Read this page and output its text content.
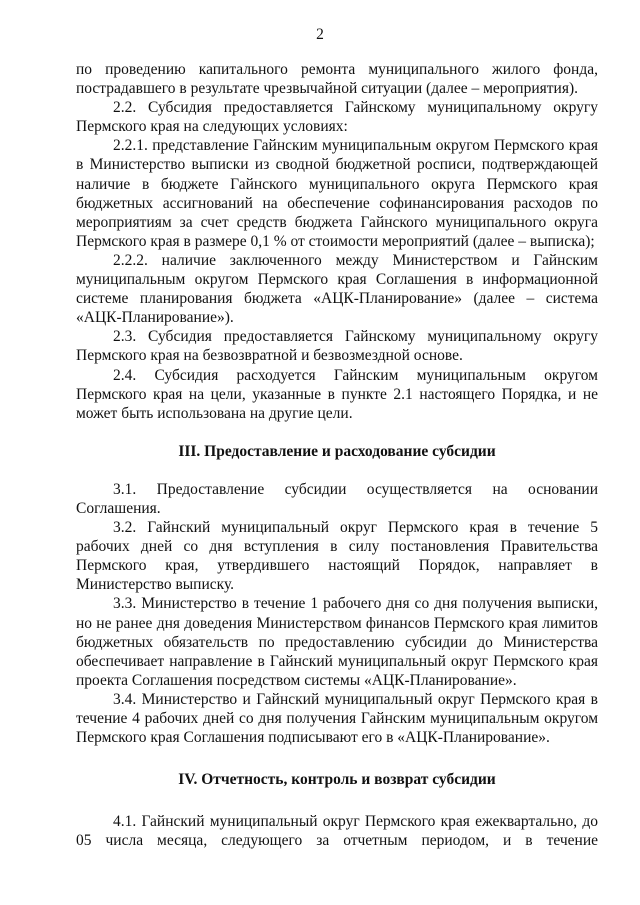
2

по проведению капитального ремонта муниципального жилого фонда, пострадавшего в результате чрезвычайной ситуации (далее – мероприятия).

2.2. Субсидия предоставляется Гайнскому муниципальному округу Пермского края на следующих условиях:

2.2.1. представление Гайнским муниципальным округом Пермского края в Министерство выписки из сводной бюджетной росписи, подтверждающей наличие в бюджете Гайнского муниципального округа Пермского края бюджетных ассигнований на обеспечение софинансирования расходов по мероприятиям за счет средств бюджета Гайнского муниципального округа Пермского края в размере 0,1 % от стоимости мероприятий (далее – выписка);

2.2.2. наличие заключенного между Министерством и Гайнским муниципальным округом Пермского края Соглашения в информационной системе планирования бюджета «АЦК-Планирование» (далее – система «АЦК-Планирование»).

2.3. Субсидия предоставляется Гайнскому муниципальному округу Пермского края на безвозвратной и безвозмездной основе.

2.4. Субсидия расходуется Гайнским муниципальным округом Пермского края на цели, указанные в пункте 2.1 настоящего Порядка, и не может быть использована на другие цели.

III. Предоставление и расходование субсидии

3.1. Предоставление субсидии осуществляется на основании Соглашения.

3.2. Гайнский муниципальный округ Пермского края в течение 5 рабочих дней со дня вступления в силу постановления Правительства Пермского края, утвердившего настоящий Порядок, направляет в Министерство выписку.

3.3. Министерство в течение 1 рабочего дня со дня получения выписки, но не ранее дня доведения Министерством финансов Пермского края лимитов бюджетных обязательств по предоставлению субсидии до Министерства обеспечивает направление в Гайнский муниципальный округ Пермского края проекта Соглашения посредством системы «АЦК-Планирование».

3.4. Министерство и Гайнский муниципальный округ Пермского края в течение 4 рабочих дней со дня получения Гайнским муниципальным округом Пермского края Соглашения подписывают его в «АЦК-Планирование».

IV. Отчетность, контроль и возврат субсидии

4.1. Гайнский муниципальный округ Пермского края ежеквартально, до 05 числа месяца, следующего за отчетным периодом, и в течение
